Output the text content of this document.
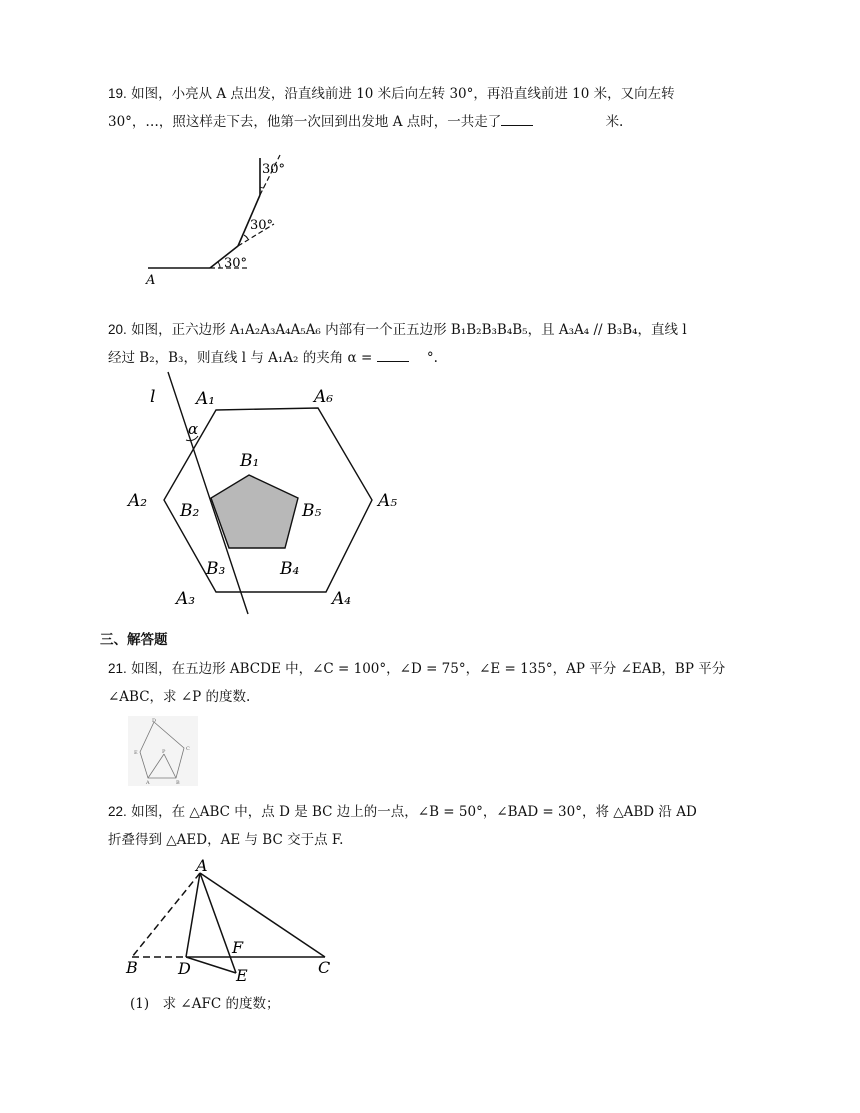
19. 如图，小亮从 A 点出发，沿直线前进 10 米后向左转 30°，再沿直线前进 10 米，又向左转
30°，…，照这样走下去，他第一次回到出发地 A 点时，一共走了	米.
30°
30°
30°
A
20. 如图，正六边形 A₁A₂A₃A₄A₅A₆ 内部有一个正五边形 B₁B₂B₃B₄B₅，且 A₃A₄ // B₃B₄，直线 l
经过 B₂，B₃，则直线 l 与 A₁A₂ 的夹角 α =	°.
l
α
A₁
A₂
A₃	A₄
A₅
A₆
B₁
B₂
B₃	B₄
B₅
三、解答题
21. 如图，在五边形 ABCDE 中，∠C = 100°，∠D = 75°，∠E = 135°，AP 平分 ∠EAB，BP 平分
∠ABC，求 ∠P 的度数.
D
C
E	P
A	B
22. 如图，在 △ABC 中，点 D 是 BC 边上的一点，∠B = 50°，∠BAD = 30°，将 △ABD 沿 AD
折叠得到 △AED，AE 与 BC 交于点 F.
A
B	C
D	E
F
(1)　求 ∠AFC 的度数；
